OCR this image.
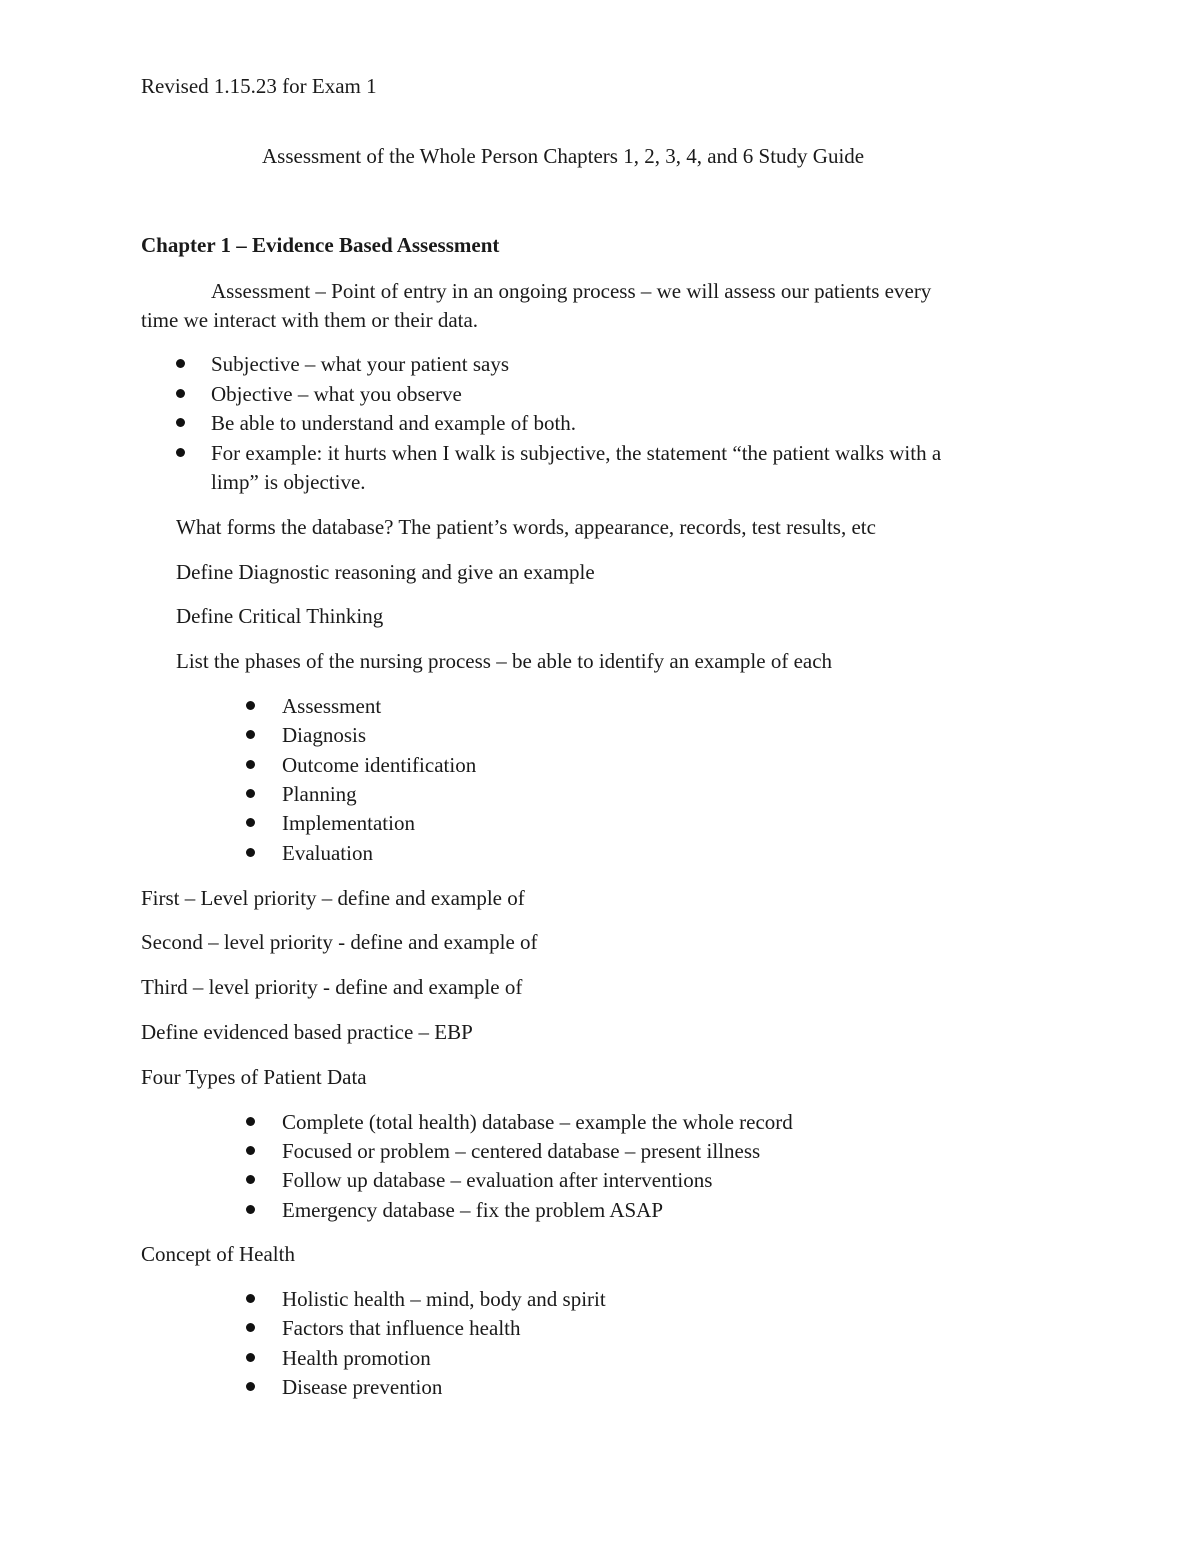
Revised 1.15.23 for Exam 1
Assessment of the Whole Person Chapters 1, 2, 3, 4, and 6 Study Guide
Chapter 1 – Evidence Based Assessment
Assessment – Point of entry in an ongoing process – we will assess our patients every
time we interact with them or their data.
Subjective – what your patient says
Objective – what you observe
Be able to understand and example of both.
For example: it hurts when I walk is subjective, the statement “the patient walks with a
limp” is objective.
What forms the database? The patient’s words, appearance, records, test results, etc
Define Diagnostic reasoning and give an example
Define Critical Thinking
List the phases of the nursing process – be able to identify an example of each
Assessment
Diagnosis
Outcome identification
Planning
Implementation
Evaluation
First – Level priority – define and example of
Second – level priority - define and example of
Third – level priority - define and example of
Define evidenced based practice – EBP
Four Types of Patient Data
Complete (total health) database – example the whole record
Focused or problem – centered database – present illness
Follow up database – evaluation after interventions
Emergency database – fix the problem ASAP
Concept of Health
Holistic health – mind, body and spirit
Factors that influence health
Health promotion
Disease prevention
